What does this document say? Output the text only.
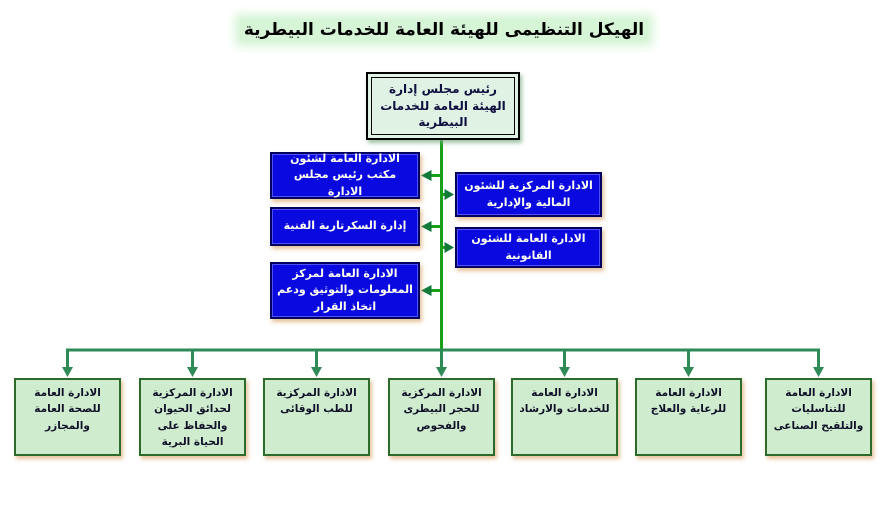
الهيكل التنظيمى للهيئة العامة للخدمات البيطرية
رئيس مجلس إدارة الهيئة العامة للخدمات البيطرية
الادارة العامة لشئون مكتب رئيس مجلس الادارة
إدارة السكرتارية الفنية
الادارة العامة لمركز المعلومات والتوثيق ودعم اتخاذ القرار
الادارة المركزية للشئون المالية والإدارية
الادارة العامة للشئون القانونية
الادارة العامة للصحة العامة والمجازر
الادارة المركزية لحدائق الحيوان والحفاظ على الحياة البرية
الادارة المركزية للطب الوقائى
الادارة المركزية للحجر البيطرى والفحوص
الادارة العامة للخدمات والارشاد
الادارة العامة للرعاية والعلاج
الادارة العامة للتناسليات والتلقيح الصناعى
